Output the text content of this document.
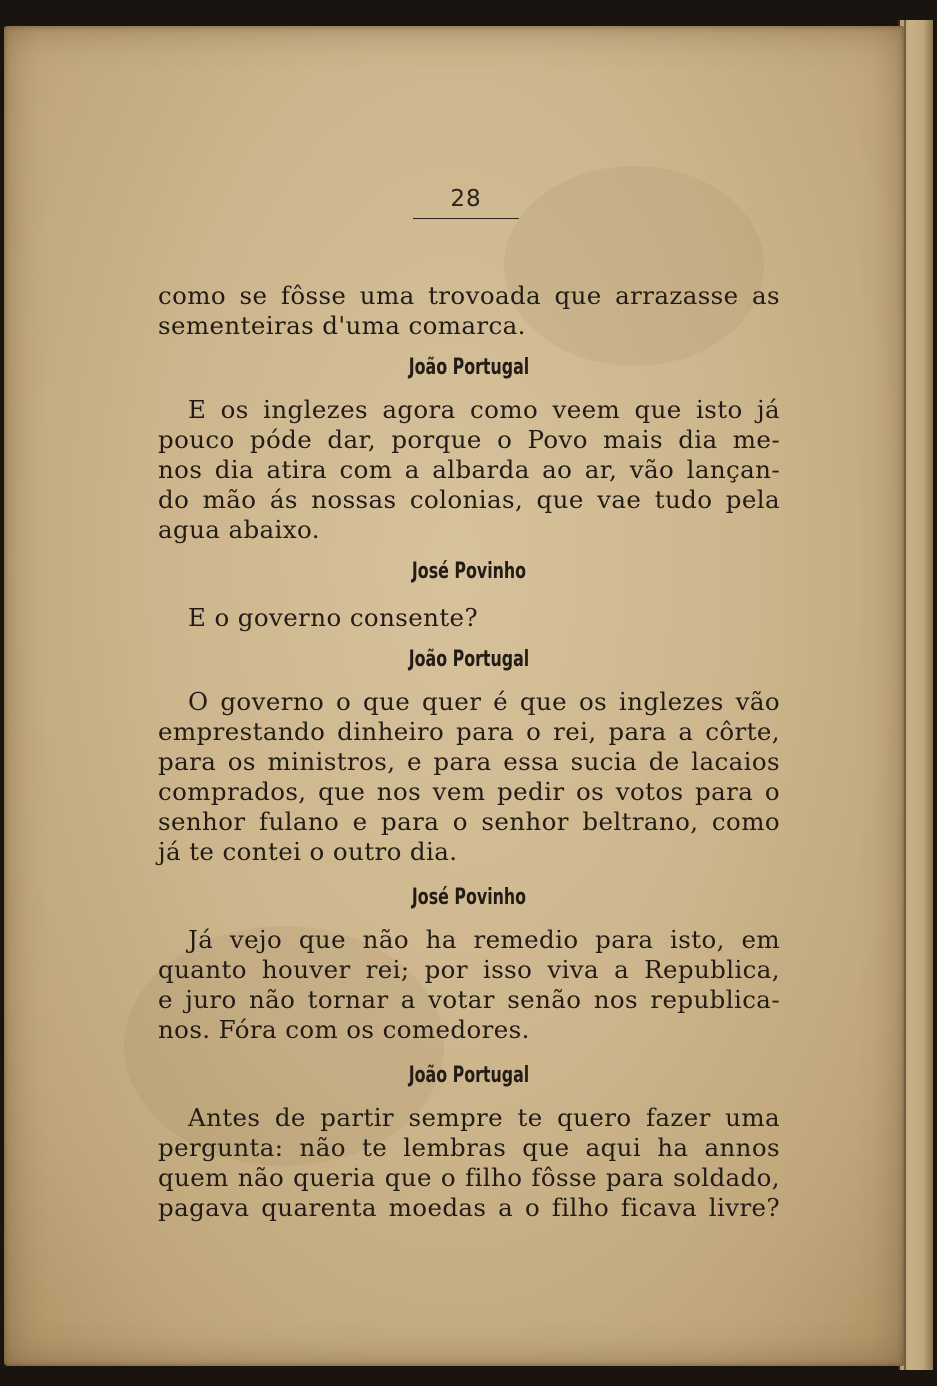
28
como se fôsse uma trovoada que arrazasse as
sementeiras d'uma comarca.
João Portugal
E os inglezes agora como veem que isto já
pouco póde dar, porque o Povo mais dia me-
nos dia atira com a albarda ao ar, vão lançan-
do mão ás nossas colonias, que vae tudo pela
agua abaixo.
José Povinho
E o governo consente?
João Portugal
O governo o que quer é que os inglezes vão
emprestando dinheiro para o rei, para a côrte,
para os ministros, e para essa sucia de lacaios
comprados, que nos vem pedir os votos para o
senhor fulano e para o senhor beltrano, como
já te contei o outro dia.
José Povinho
Já vejo que não ha remedio para isto, em
quanto houver rei; por isso viva a Republica,
e juro não tornar a votar senão nos republica-
nos. Fóra com os comedores.
João Portugal
Antes de partir sempre te quero fazer uma
pergunta: não te lembras que aqui ha annos
quem não queria que o filho fôsse para soldado,
pagava quarenta moedas a o filho ficava livre?
